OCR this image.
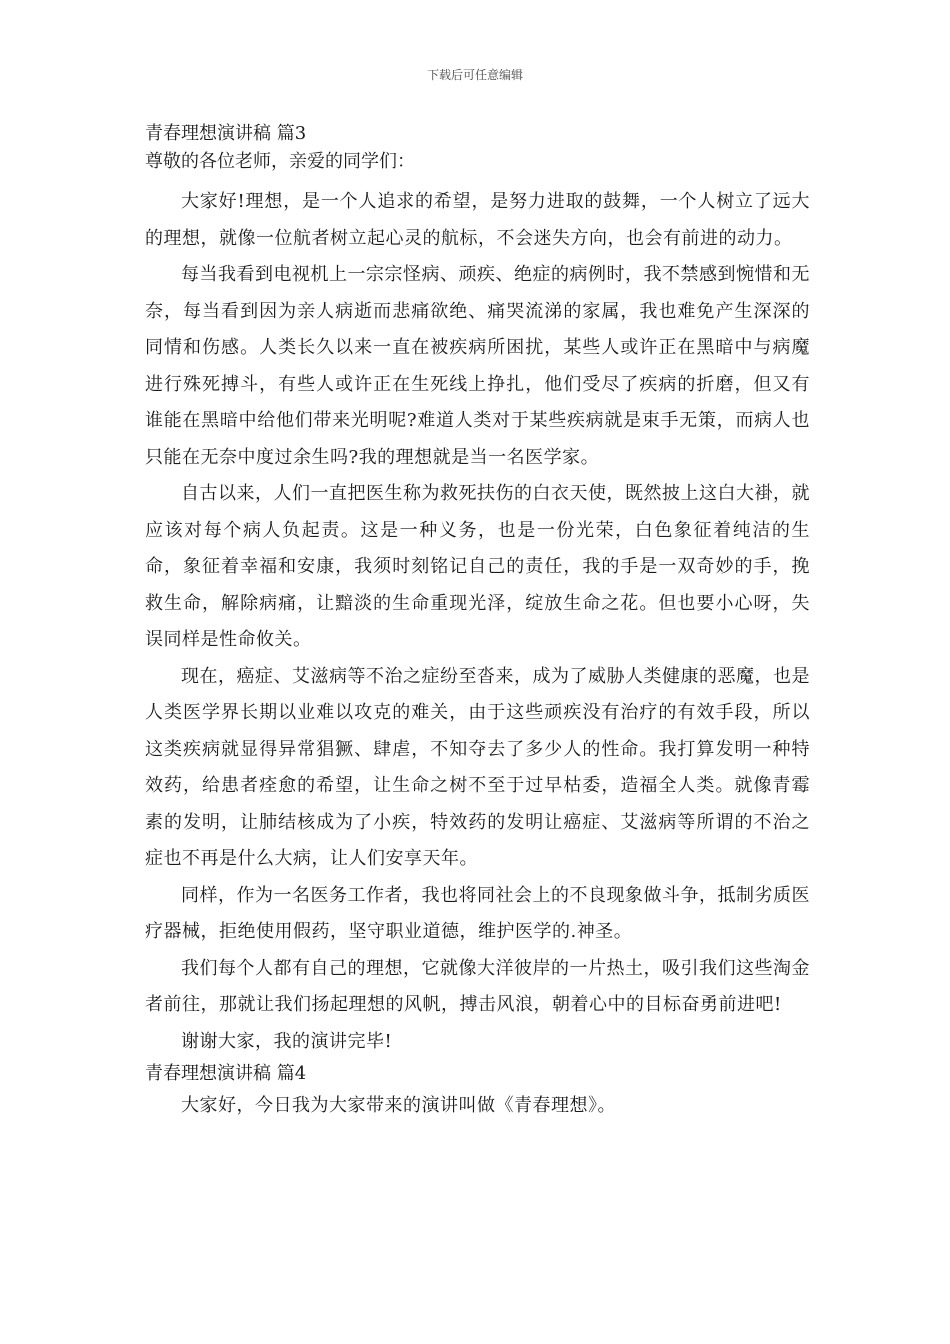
下载后可任意编辑

青春理想演讲稿 篇3

尊敬的各位老师，亲爱的同学们：

大家好!理想，是一个人追求的希望，是努力进取的鼓舞，一个人树立了远大的理想，就像一位航者树立起心灵的航标，不会迷失方向，也会有前进的动力。

每当我看到电视机上一宗宗怪病、顽疾、绝症的病例时，我不禁感到惋惜和无奈，每当看到因为亲人病逝而悲痛欲绝、痛哭流涕的家属，我也难免产生深深的同情和伤感。人类长久以来一直在被疾病所困扰，某些人或许正在黑暗中与病魔进行殊死搏斗，有些人或许正在生死线上挣扎，他们受尽了疾病的折磨，但又有谁能在黑暗中给他们带来光明呢?难道人类对于某些疾病就是束手无策，而病人也只能在无奈中度过余生吗?我的理想就是当一名医学家。

自古以来，人们一直把医生称为救死扶伤的白衣天使，既然披上这白大褂，就应该对每个病人负起责。这是一种义务，也是一份光荣，白色象征着纯洁的生命，象征着幸福和安康，我须时刻铭记自己的责任，我的手是一双奇妙的手，挽救生命，解除病痛，让黯淡的生命重现光泽，绽放生命之花。但也要小心呀，失误同样是性命攸关。

现在，癌症、艾滋病等不治之症纷至沓来，成为了威胁人类健康的恶魔，也是人类医学界长期以业难以攻克的难关，由于这些顽疾没有治疗的有效手段，所以这类疾病就显得异常猖獗、肆虐，不知夺去了多少人的性命。我打算发明一种特效药，给患者痊愈的希望，让生命之树不至于过早枯委，造福全人类。就像青霉素的发明，让肺结核成为了小疾，特效药的发明让癌症、艾滋病等所谓的不治之症也不再是什么大病，让人们安享天年。

同样，作为一名医务工作者，我也将同社会上的不良现象做斗争，抵制劣质医疗器械，拒绝使用假药，坚守职业道德，维护医学的.神圣。

我们每个人都有自己的理想，它就像大洋彼岸的一片热土，吸引我们这些淘金者前往，那就让我们扬起理想的风帆，搏击风浪，朝着心中的目标奋勇前进吧!

谢谢大家，我的演讲完毕!

青春理想演讲稿 篇4

大家好，今日我为大家带来的演讲叫做《青春理想》。
